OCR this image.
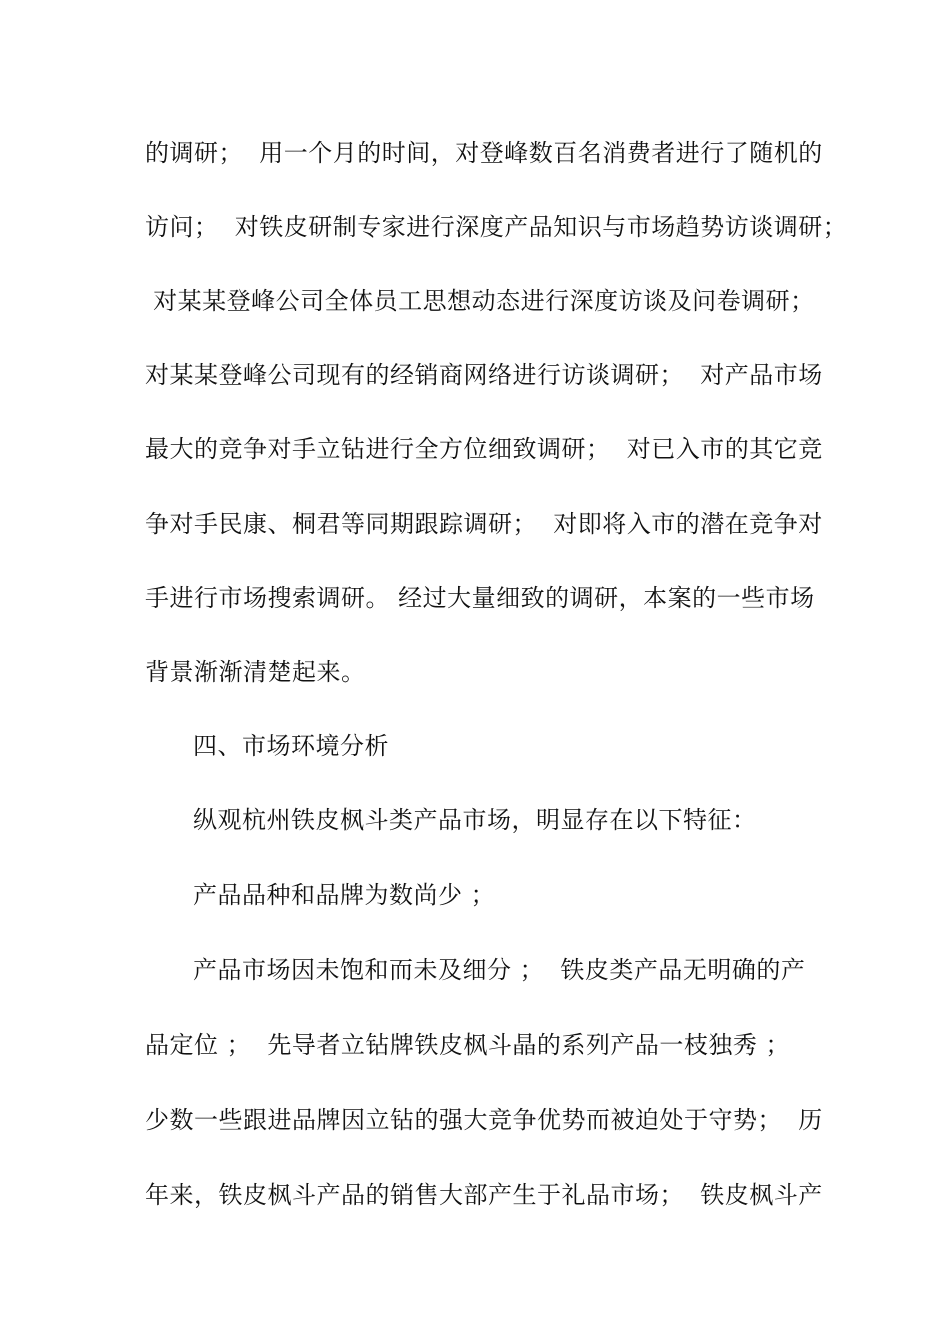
的调研；  用一个月的时间，对登峰数百名消费者进行了随机的
访问；  对铁皮研制专家进行深度产品知识与市场趋势访谈调研；
对某某登峰公司全体员工思想动态进行深度访谈及问卷调研；
对某某登峰公司现有的经销商网络进行访谈调研；  对产品市场
最大的竞争对手立钻进行全方位细致调研；  对已入市的其它竞
争对手民康、桐君等同期跟踪调研；  对即将入市的潜在竞争对
手进行市场搜索调研。 经过大量细致的调研，本案的一些市场
背景渐渐清楚起来。
四、市场环境分析
纵观杭州铁皮枫斗类产品市场，明显存在以下特征：
产品品种和品牌为数尚少 ；
产品市场因未饱和而未及细分 ；  铁皮类产品无明确的产
品定位 ；  先导者立钻牌铁皮枫斗晶的系列产品一枝独秀 ；
少数一些跟进品牌因立钻的强大竞争优势而被迫处于守势；  历
年来，铁皮枫斗产品的销售大部产生于礼品市场；  铁皮枫斗产
